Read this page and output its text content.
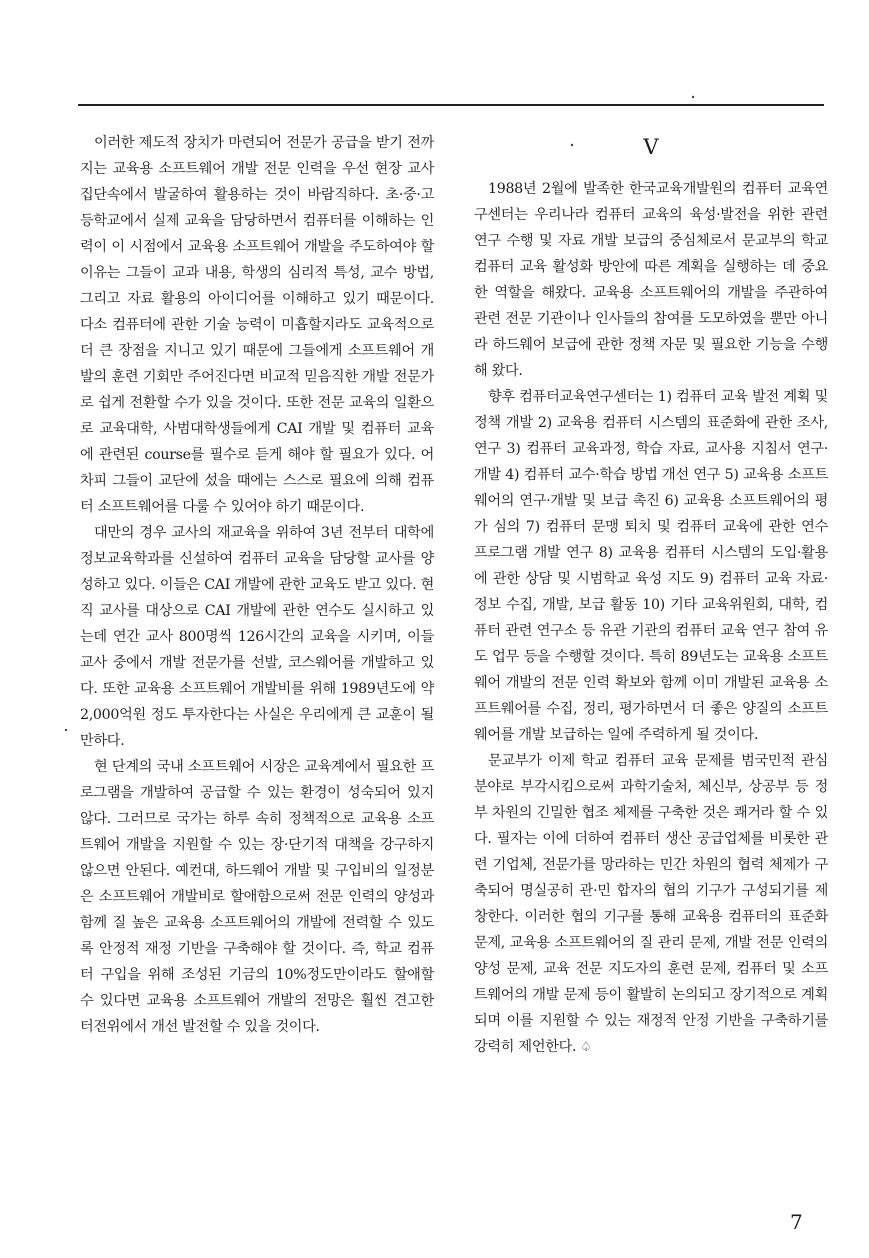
이러한 제도적 장치가 마련되어 전문가 공급을 받기 전까지는 교육용 소프트웨어 개발 전문 인력을 우선 현장 교사 집단속에서 발굴하여 활용하는 것이 바람직하다. 초·중·고등학교에서 실제 교육을 담당하면서 컴퓨터를 이해하는 인력이 이 시점에서 교육용 소프트웨어 개발을 주도하여야 할 이유는 그들이 교과 내용, 학생의 심리적 특성, 교수 방법, 그리고 자료 활용의 아이디어를 이해하고 있기 때문이다. 다소 컴퓨터에 관한 기술 능력이 미흡할지라도 교육적으로 더 큰 장점을 지니고 있기 때문에 그들에게 소프트웨어 개발의 훈련 기회만 주어진다면 비교적 믿음직한 개발 전문가로 쉽게 전환할 수가 있을 것이다. 또한 전문 교육의 일환으로 교육대학, 사범대학생들에게 CAI 개발 및 컴퓨터 교육에 관련된 course를 필수로 듣게 해야 할 필요가 있다. 어차피 그들이 교단에 섰을 때에는 스스로 필요에 의해 컴퓨터 소프트웨어를 다룰 수 있어야 하기 때문이다.

대만의 경우 교사의 재교육을 위하여 3년 전부터 대학에 정보교육학과를 신설하여 컴퓨터 교육을 담당할 교사를 양성하고 있다. 이들은 CAI 개발에 관한 교육도 받고 있다. 현직 교사를 대상으로 CAI 개발에 관한 연수도 실시하고 있는데 연간 교사 800명씩 126시간의 교육을 시키며, 이들 교사 중에서 개발 전문가를 선발, 코스웨어를 개발하고 있다. 또한 교육용 소프트웨어 개발비를 위해 1989년도에 약 2,000억원 정도 투자한다는 사실은 우리에게 큰 교훈이 될 만하다.

현 단계의 국내 소프트웨어 시장은 교육계에서 필요한 프로그램을 개발하여 공급할 수 있는 환경이 성숙되어 있지 않다. 그러므로 국가는 하루 속히 정책적으로 교육용 소프트웨어 개발을 지원할 수 있는 장·단기적 대책을 강구하지 않으면 안된다. 예컨대, 하드웨어 개발 및 구입비의 일정분은 소프트웨어 개발비로 할애함으로써 전문 인력의 양성과 함께 질 높은 교육용 소프트웨어의 개발에 전력할 수 있도록 안정적 재정 기반을 구축해야 할 것이다. 즉, 학교 컴퓨터 구입을 위해 조성된 기금의 10%정도만이라도 할애할 수 있다면 교육용 소프트웨어 개발의 전망은 훨씬 견고한 터전위에서 개선 발전할 수 있을 것이다.

V

1988년 2월에 발족한 한국교육개발원의 컴퓨터 교육연구센터는 우리나라 컴퓨터 교육의 육성·발전을 위한 관련 연구 수행 및 자료 개발 보급의 중심체로서 문교부의 학교 컴퓨터 교육 활성화 방안에 따른 계획을 실행하는 데 중요한 역할을 해왔다. 교육용 소프트웨어의 개발을 주관하여 관련 전문 기관이나 인사들의 참여를 도모하였을 뿐만 아니라 하드웨어 보급에 관한 정책 자문 및 필요한 기능을 수행해 왔다.

향후 컴퓨터교육연구센터는 1) 컴퓨터 교육 발전 계획 및 정책 개발 2) 교육용 컴퓨터 시스템의 표준화에 관한 조사, 연구 3) 컴퓨터 교육과정, 학습 자료, 교사용 지침서 연구·개발 4) 컴퓨터 교수·학습 방법 개선 연구 5) 교육용 소프트웨어의 연구·개발 및 보급 촉진 6) 교육용 소프트웨어의 평가 심의 7) 컴퓨터 문맹 퇴치 및 컴퓨터 교육에 관한 연수 프로그램 개발 연구 8) 교육용 컴퓨터 시스템의 도입·활용에 관한 상담 및 시범학교 육성 지도 9) 컴퓨터 교육 자료·정보 수집, 개발, 보급 활동 10) 기타 교육위원회, 대학, 컴퓨터 관련 연구소 등 유관 기관의 컴퓨터 교육 연구 참여 유도 업무 등을 수행할 것이다. 특히 89년도는 교육용 소프트웨어 개발의 전문 인력 확보와 함께 이미 개발된 교육용 소프트웨어를 수집, 정리, 평가하면서 더 좋은 양질의 소프트웨어를 개발 보급하는 일에 주력하게 될 것이다.

문교부가 이제 학교 컴퓨터 교육 문제를 범국민적 관심 분야로 부각시킴으로써 과학기술처, 체신부, 상공부 등 정부 차원의 긴밀한 협조 체제를 구축한 것은 쾌거라 할 수 있다. 필자는 이에 더하여 컴퓨터 생산 공급업체를 비롯한 관련 기업체, 전문가를 망라하는 민간 차원의 협력 체제가 구축되어 명실공히 관·민 합자의 협의 기구가 구성되기를 제창한다. 이러한 협의 기구를 통해 교육용 컴퓨터의 표준화 문제, 교육용 소프트웨어의 질 관리 문제, 개발 전문 인력의 양성 문제, 교육 전문 지도자의 훈련 문제, 컴퓨터 및 소프트웨어의 개발 문제 등이 활발히 논의되고 장기적으로 계획되며 이를 지원할 수 있는 재정적 안정 기반을 구축하기를 강력히 제언한다. ♤

7
